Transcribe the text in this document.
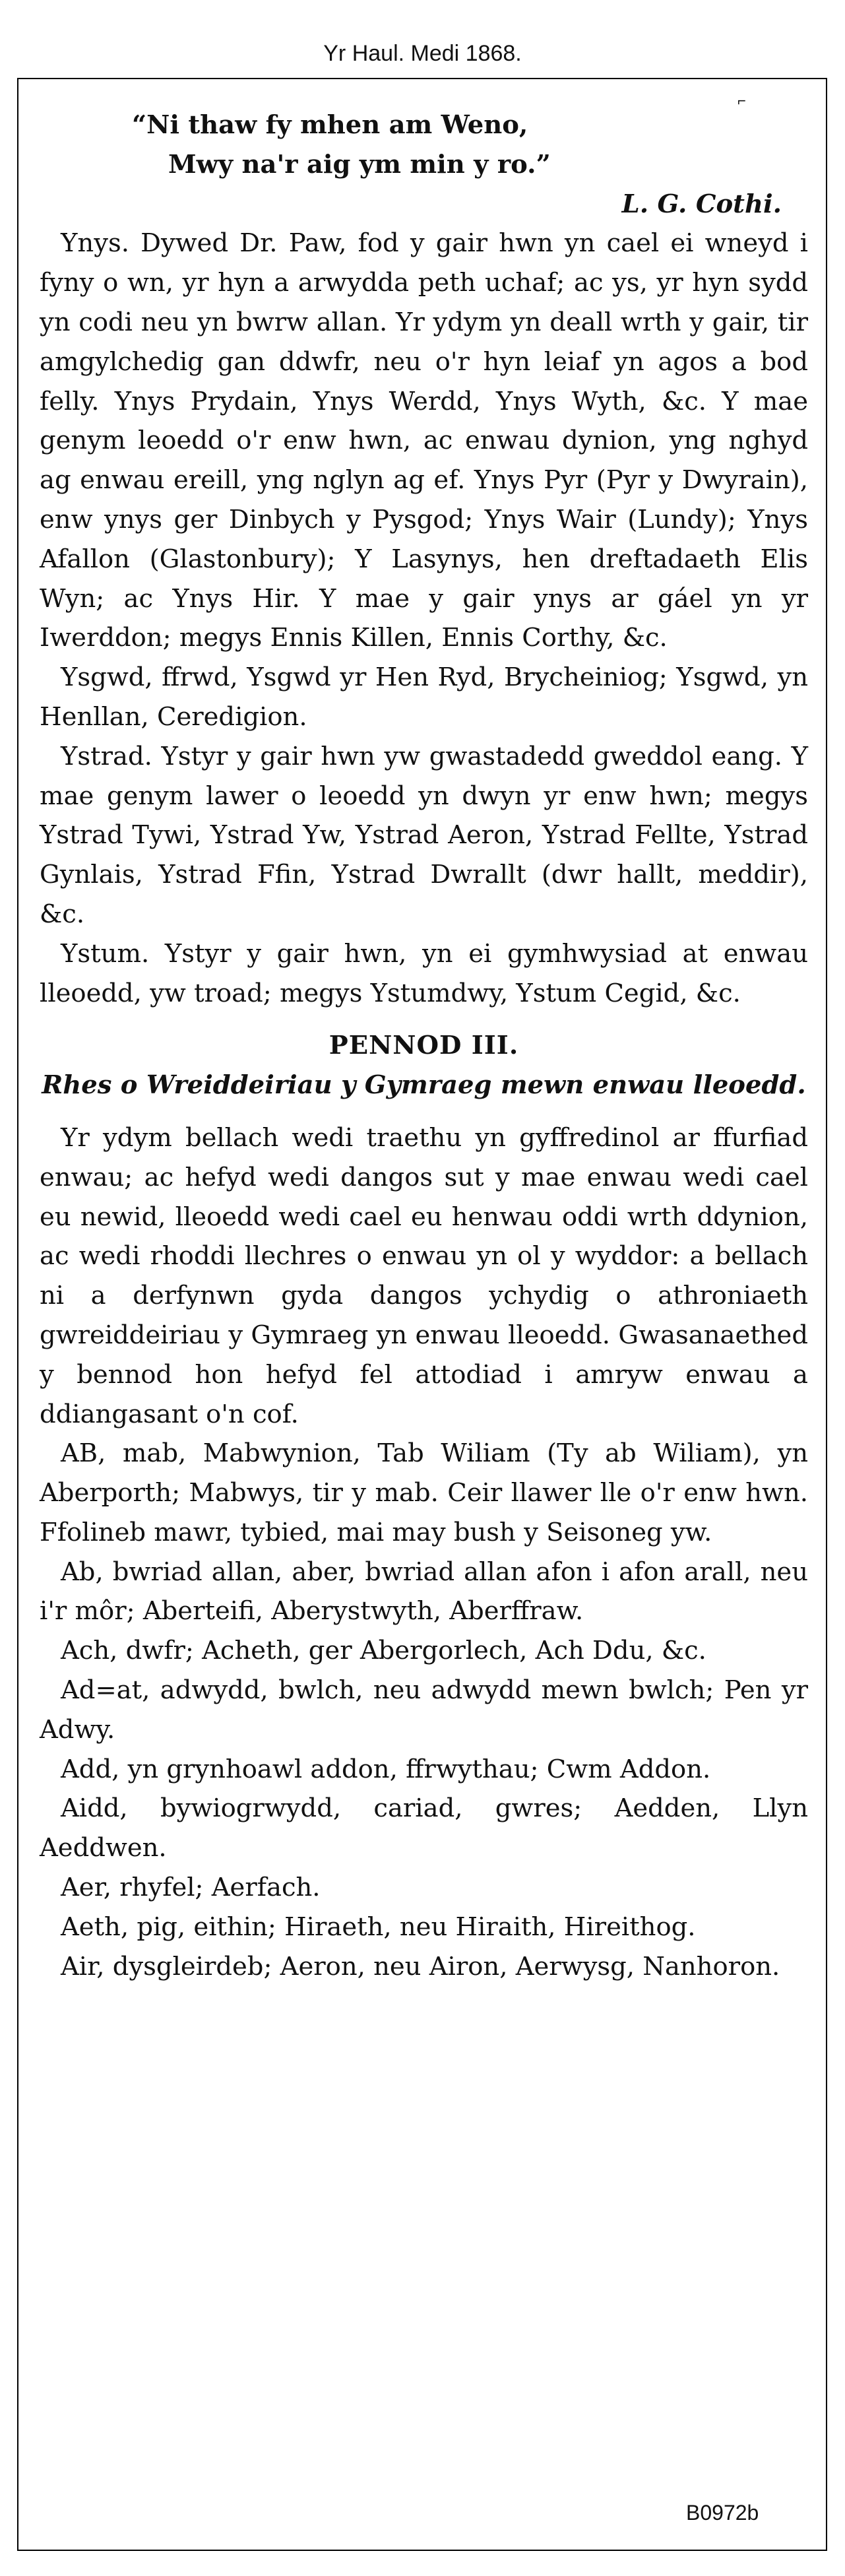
Yr Haul. Medi 1868.
⌐
“Ni thaw fy mhen am Weno,
Mwy na'r aig ym min y ro.”
L. G. Cothi.
Ynys. Dywed Dr. Paw, fod y gair hwn yn cael ei wneyd i fyny o wn, yr hyn a arwydda peth uchaf; ac ys, yr hyn sydd yn codi neu yn bwrw allan. Yr ydym yn deall wrth y gair, tir amgylchedig gan ddwfr, neu o'r hyn leiaf yn agos a bod felly. Ynys Prydain, Ynys Werdd, Ynys Wyth, &c. Y mae genym leoedd o'r enw hwn, ac enwau dynion, yng nghyd ag enwau ereill, yng nglyn ag ef. Ynys Pyr (Pyr y Dwyrain), enw ynys ger Dinbych y Pysgod; Ynys Wair (Lundy); Ynys Afallon (Glastonbury); Y Lasynys, hen dreftadaeth Elis Wyn; ac Ynys Hir. Y mae y gair ynys ar gáel yn yr Iwerddon; megys Ennis Killen, Ennis Corthy, &c.
Ysgwd, ffrwd, Ysgwd yr Hen Ryd, Brycheiniog; Ysgwd, yn Henllan, Ceredigion.
Ystrad. Ystyr y gair hwn yw gwastadedd gweddol eang. Y mae genym lawer o leoedd yn dwyn yr enw hwn; megys Ystrad Tywi, Ystrad Yw, Ystrad Aeron, Ystrad Fellte, Ystrad Gynlais, Ystrad Ffin, Ystrad Dwrallt (dwr hallt, meddir), &c.
Ystum. Ystyr y gair hwn, yn ei gymhwysiad at enwau lleoedd, yw troad; megys Ystumdwy, Ystum Cegid, &c.
PENNOD III.
Rhes o Wreiddeiriau y Gymraeg mewn enwau lleoedd.
Yr ydym bellach wedi traethu yn gyffredinol ar ffurfiad enwau; ac hefyd wedi dangos sut y mae enwau wedi cael eu newid, lleoedd wedi cael eu henwau oddi wrth ddynion, ac wedi rhoddi llechres o enwau yn ol y wyddor: a bellach ni a derfynwn gyda dangos ychydig o athroniaeth gwreiddeiriau y Gymraeg yn enwau lleoedd. Gwasanaethed y bennod hon hefyd fel attodiad i amryw enwau a ddiangasant o'n cof.
AB, mab, Mabwynion, Tab Wiliam (Ty ab Wiliam), yn Aberporth; Mabwys, tir y mab. Ceir llawer lle o'r enw hwn. Ffolineb mawr, tybied, mai may bush y Seisoneg yw.
Ab, bwriad allan, aber, bwriad allan afon i afon arall, neu i'r môr; Aberteifi, Aberystwyth, Aberffraw.
Ach, dwfr; Acheth, ger Abergorlech, Ach Ddu, &c.
Ad=at, adwydd, bwlch, neu adwydd mewn bwlch; Pen yr Adwy.
Add, yn grynhoawl addon, ffrwythau; Cwm Addon.
Aidd, bywiogrwydd, cariad, gwres; Aedden, Llyn Aeddwen.
Aer, rhyfel; Aerfach.
Aeth, pig, eithin; Hiraeth, neu Hiraith, Hireithog.
Air, dysgleirdeb; Aeron, neu Airon, Aerwysg, Nanhoron.
B0972b
